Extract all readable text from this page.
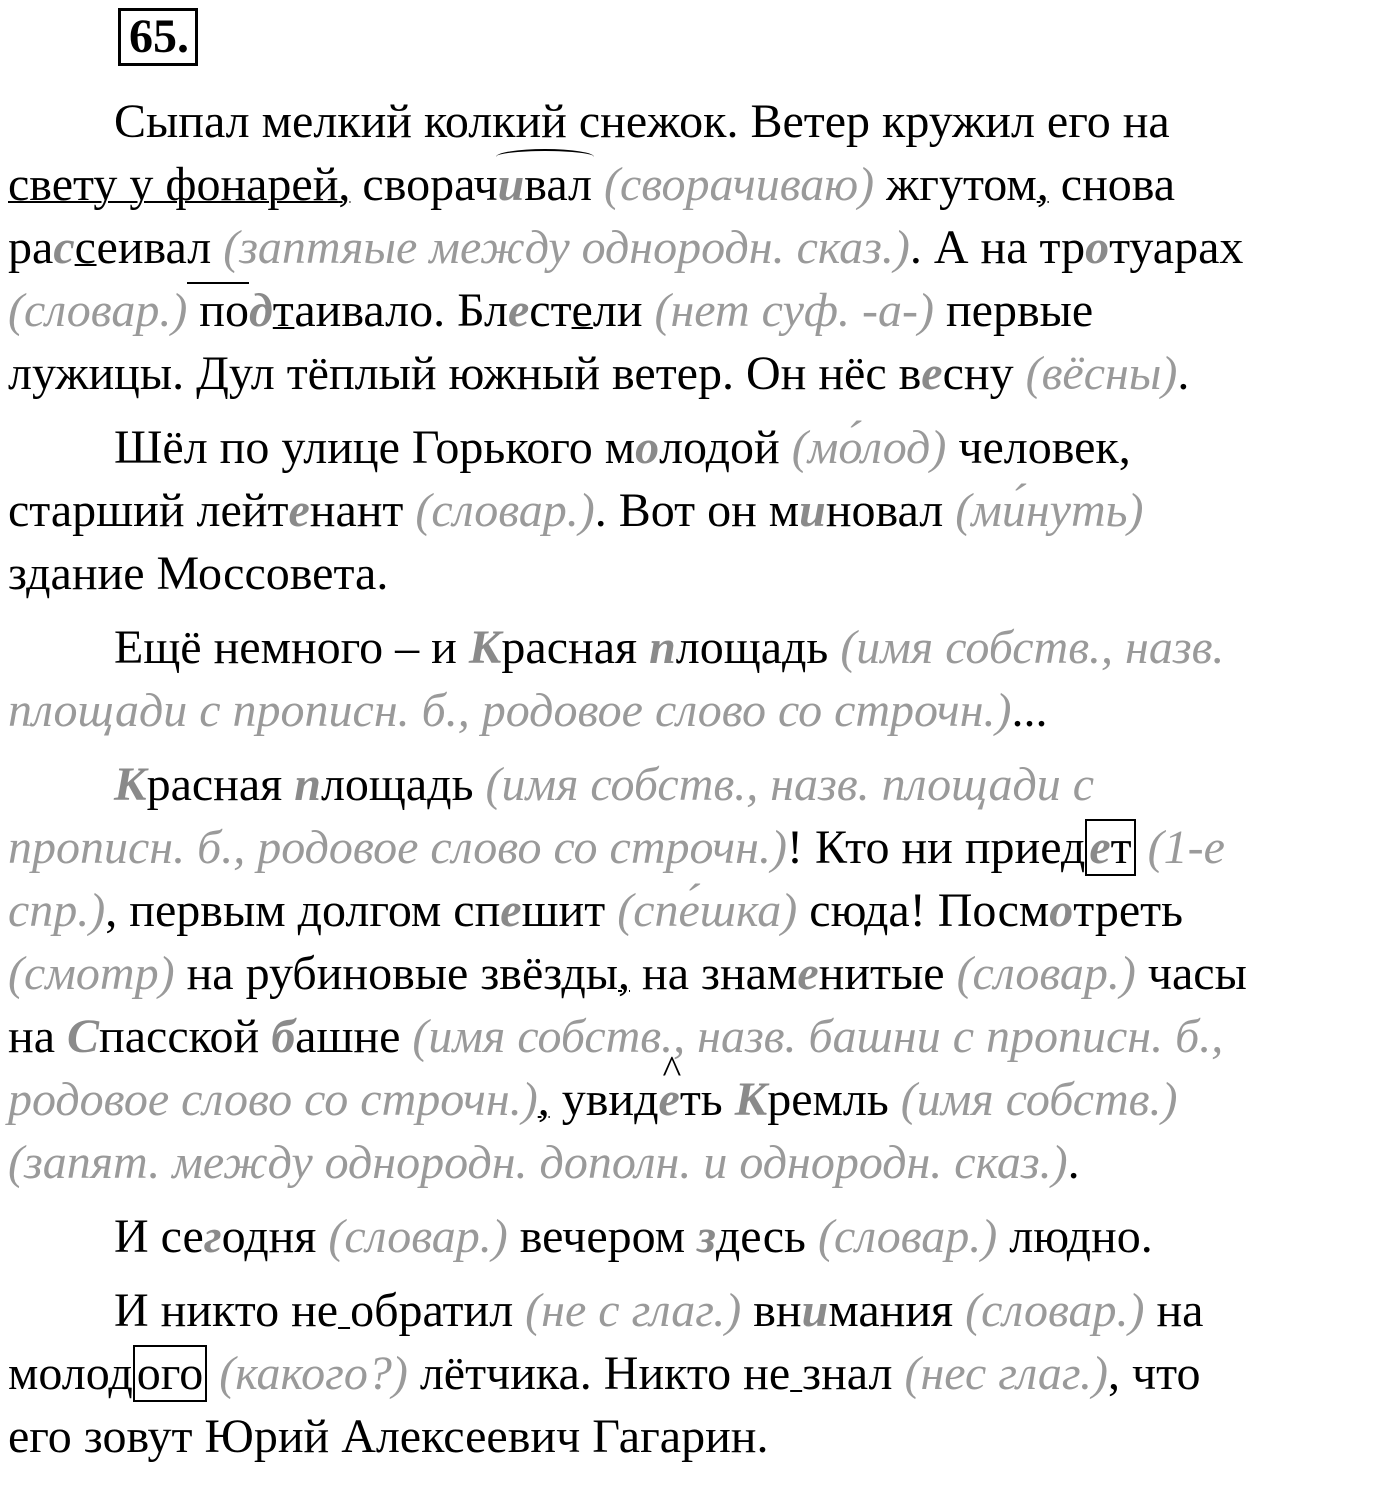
65.
Сыпал мелкий колкий снежок. Ветер кружил его на
свету у фонарей, сворачивал (сворачиваю) жгутом, снова
рассеивал (заптяые между однородн. сказ.). А на тротуарах
(словар.) подтаивало. Блестели (нет суф. -а-) первые
лужицы. Дул тёплый южный ветер. Он нёс весну (вёсны).
Шёл по улице Горького молодой (мо́лод) человек,
старший лейтенант (словар.). Вот он миновал (ми́нуть)
здание Моссовета.
Ещё немного – и Красная площадь (имя собств., назв.
площади с прописн. б., родовое слово со строчн.)...
Красная площадь (имя собств., назв. площади с
прописн. б., родовое слово со строчн.)! Кто ни приедет (1-е
спр.), первым долгом спешит (спе́шка) сюда! Посмотреть
(смотр) на рубиновые звёзды, на знаменитые (словар.) часы
на Спасской башне (имя собств., назв. башни с прописн. б.,
родовое слово со строчн.), увид^ еть Кремль (имя собств.)
(запят. между однородн. дополн. и однородн. сказ.).
И сегодня (словар.) вечером здесь (словар.) людно.
И никто не обратил (не с глаг.) внимания (словар.) на
молодого (какого?) лётчика. Никто не знал (нес глаг.), что
его зовут Юрий Алексеевич Гагарин.
